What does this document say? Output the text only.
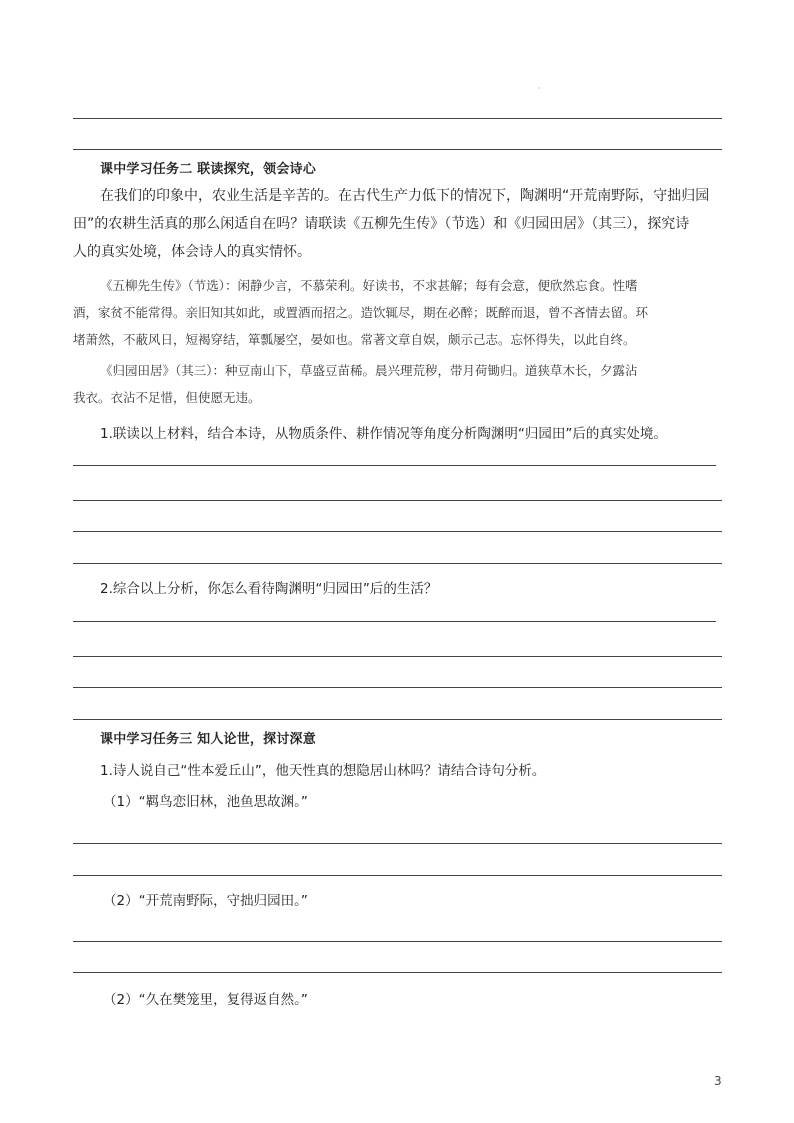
·
课中学习任务二 联读探究，领会诗心
在我们的印象中，农业生活是辛苦的。在古代生产力低下的情况下，陶渊明“开荒南野际，守拙归园
田”的农耕生活真的那么闲适自在吗？请联读《五柳先生传》（节选）和《归园田居》（其三），探究诗
人的真实处境，体会诗人的真实情怀。
《五柳先生传》（节选）：闲静少言，不慕荣利。好读书，不求甚解；每有会意，便欣然忘食。性嗜
酒，家贫不能常得。亲旧知其如此，或置酒而招之。造饮辄尽，期在必醉；既醉而退，曾不吝情去留。环
堵萧然，不蔽风日，短褐穿结，箪瓢屡空，晏如也。常著文章自娱，颇示己志。忘怀得失，以此自终。
《归园田居》（其三）：种豆南山下，草盛豆苗稀。晨兴理荒秽，带月荷锄归。道狭草木长，夕露沾
我衣。衣沾不足惜，但使愿无违。
1.联读以上材料，结合本诗，从物质条件、耕作情况等角度分析陶渊明“归园田”后的真实处境。
2.综合以上分析，你怎么看待陶渊明“归园田”后的生活？
课中学习任务三 知人论世，探讨深意
1.诗人说自己“性本爱丘山”，他天性真的想隐居山林吗？请结合诗句分析。
（1）“羁鸟恋旧林，池鱼思故渊。”
（2）“开荒南野际，守拙归园田。”
（2）“久在樊笼里，复得返自然。”
3
